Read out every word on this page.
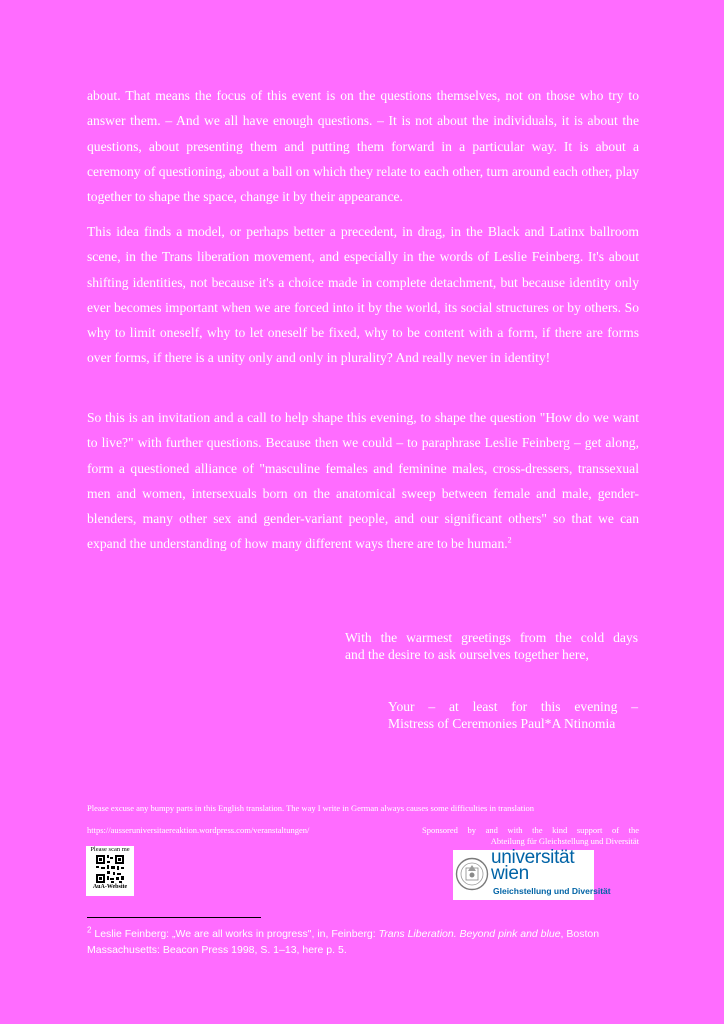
about. That means the focus of this event is on the questions themselves, not on those who try to answer them. – And we all have enough questions. – It is not about the individuals, it is about the questions, about presenting them and putting them forward in a particular way. It is about a ceremony of questioning, about a ball on which they relate to each other, turn around each other, play together to shape the space, change it by their appearance.

This idea finds a model, or perhaps better a precedent, in drag, in the Black and Latinx ballroom scene, in the Trans liberation movement, and especially in the words of Leslie Feinberg. It's about shifting identities, not because it's a choice made in complete detachment, but because identity only ever becomes important when we are forced into it by the world, its social structures or by others. So why to limit oneself, why to let oneself be fixed, why to be content with a form, if there are forms over forms, if there is a unity only and only in plurality? And really never in identity!

So this is an invitation and a call to help shape this evening, to shape the question "How do we want to live?" with further questions. Because then we could – to paraphrase Leslie Feinberg – get along, form a questioned alliance of "masculine females and feminine males, cross-dressers, transsexual men and women, intersexuals born on the anatomical sweep between female and male, gender-blenders, many other sex and gender-variant people, and our significant others" so that we can expand the understanding of how many different ways there are to be human.$^2$

With the warmest greetings from the cold days
and the desire to ask ourselves together here,
Your – at least for this evening –
Mistress of Ceremonies Paul*A Ntinomia

Please excuse any bumpy parts in this English translation. The way I write in German always causes some difficulties in translation

https://ausseruniversitaereaktion.wordpress.com/veranstaltungen/	Sponsored by and with the kind support of the
Abteilung für Gleichstellung und Diversität
Please scan me
AuA-Website
universität
wien
Gleichstellung und Diversität

$^2$ Leslie Feinberg: „We are all works in progress", in, Feinberg: Trans Liberation. Beyond pink and blue, Boston Massachusetts: Beacon Press 1998, S. 1–13, here p. 5.
